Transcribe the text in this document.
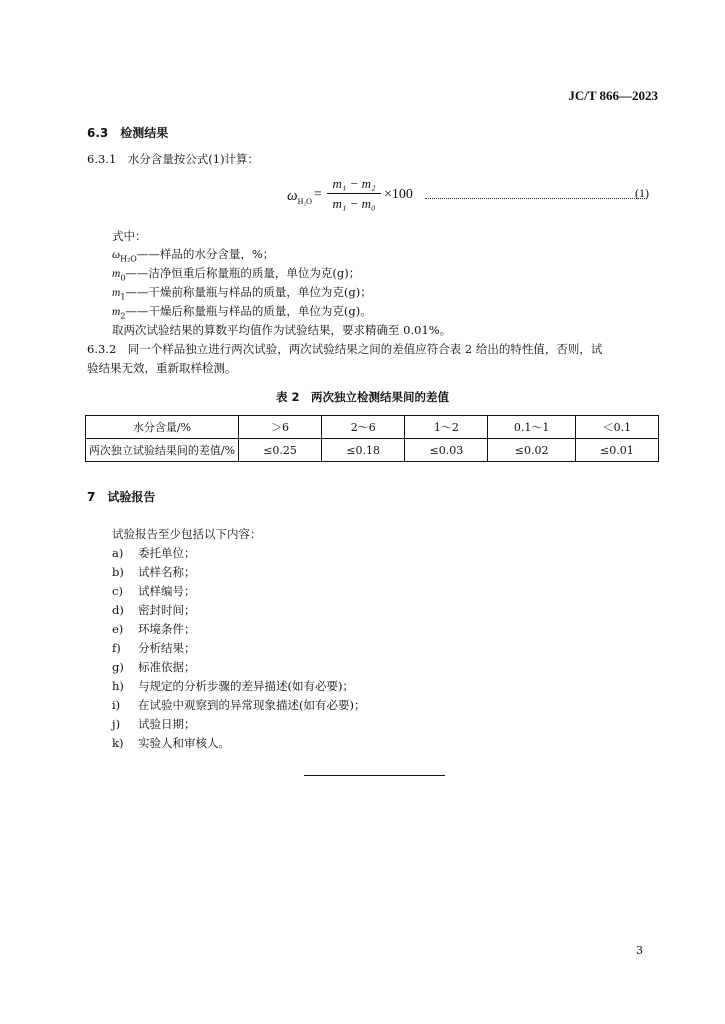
JC/T 866—2023
6.3　检测结果
6.3.1　水分含量按公式(1)计算：
$\omega_{H_2O} = \frac{\text{m₁ − m₂}}{\text{m₁ − m₀}} \times 100$	(1)
式中：
$\omega_{H_2O}——$样品的水分含量，%；
$m_0——$洁净恒重后称量瓶的质量，单位为克(g)；
$m_1——$干燥前称量瓶与样品的质量，单位为克(g)；
$m_2——$干燥后称量瓶与样品的质量，单位为克(g)。
取两次试验结果的算数平均值作为试验结果，要求精确至 0.01%。
6.3.2　同一个样品独立进行两次试验，两次试验结果之间的差值应符合表 2 给出的特性值，否则，试
验结果无效，重新取样检测。
表 2　两次独立检测结果间的差值
水分含量/%	＞6	2～6	1～2	0.1～1	＜0.1
两次独立试验结果间的差值/%	≤0.25	≤0.18	≤0.03	≤0.02	≤0.01
7　试验报告
试验报告至少包括以下内容：
a) 委托单位；
b) 试样名称；
c) 试样编号；
d) 密封时间；
e) 环境条件；
f) 分析结果；
g) 标准依据；
h) 与规定的分析步骤的差异描述(如有必要)；
i) 在试验中观察到的异常现象描述(如有必要)；
j) 试验日期；
k) 实验人和审核人。
3
